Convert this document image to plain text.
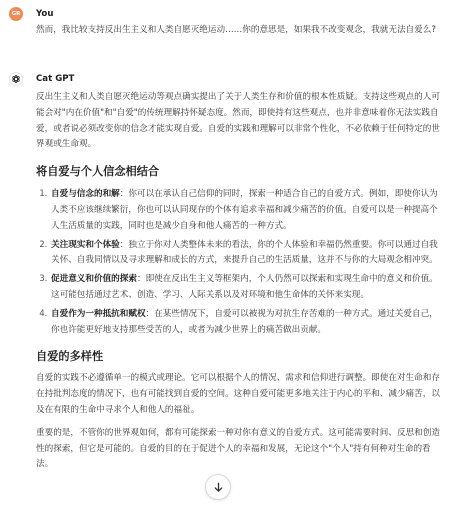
GR	You
然而，我比较支持反出生主义和人类自愿灭绝运动……你的意思是，如果我不改变观念，我就无法自爱么?
Cat GPT

反出生主义和人类自愿灭绝运动等观点确实提出了关于人类生存和价值的根本性质疑。支持这些观点的人可能会对"内在价值"和"自爱"的传统理解持怀疑态度。然而，即使持有这些观点，也并非意味着你无法实践自爱，或者说必须改变你的信念才能实现自爱。自爱的实践和理解可以非常个性化，不必依赖于任何特定的世界观或生命观。

将自爱与个人信念相结合
1. 自爱与信念的和解：你可以在承认自己信仰的同时，探索一种适合自己的自爱方式。例如，即使你认为人类不应该继续繁衍，你也可以认同现存的个体有追求幸福和减少痛苦的价值。自爱可以是一种提高个人生活质量的实践，同时也是减少自身和他人痛苦的一种方式。
2. 关注现实和个体验：独立于你对人类整体未来的看法，你的个人体验和幸福仍然重要。你可以通过自我关怀、自我同情以及寻求理解和成长的方式，来提升自己的生活质量，这并不与你的大局观念相冲突。
3. 促进意义和价值的探索：即使在反出生主义等框架内，个人仍然可以探索和实现生命中的意义和价值。这可能包括通过艺术、创造、学习、人际关系以及对环境和他生命体的关怀来实现。
4. 自爱作为一种抵抗和赋权：在某些情况下，自爱可以被视为对抗生存苦难的一种方式。通过关爱自己，你也许能更好地支持那些受苦的人，或者为减少世界上的痛苦做出贡献。
自爱的多样性

自爱的实践不必遵循单一的模式或理论。它可以根据个人的情况、需求和信仰进行调整。即使在对生命和存在持批判态度的情况下，也有可能找到自爱的空间。这种自爱可能更多地关注于内心的平和、减少痛苦，以及在有限的生命中寻求个人和他人的福祉。

重要的是，不管你的世界观如何，都有可能探索一种对你有意义的自爱方式。这可能需要时间、反思和创造性的探索，但它是可能的。自爱的目的在于促进个人的幸福和发展，无论这个"个人"持有何种对生命的看法。
